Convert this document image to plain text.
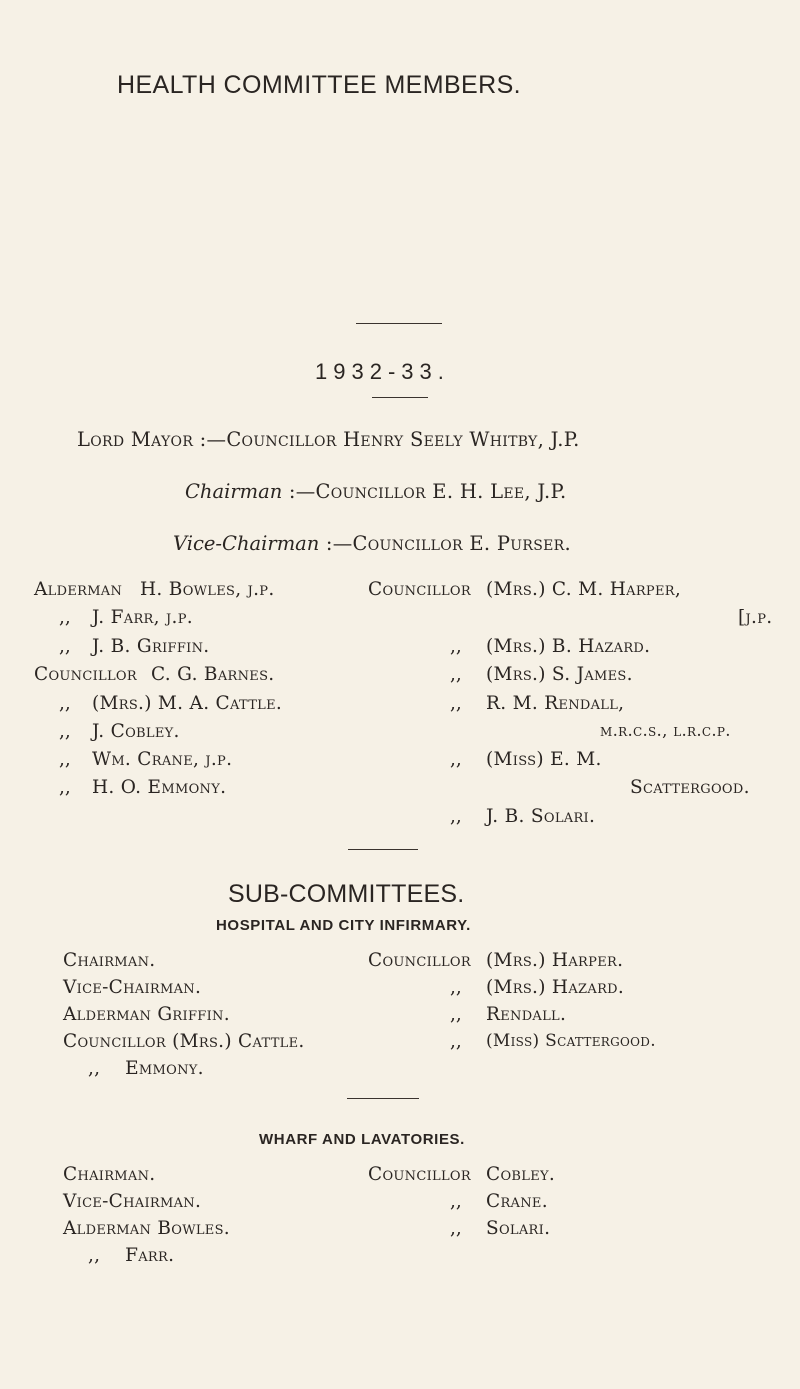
HEALTH COMMITTEE MEMBERS.
1932-33.
Lord Mayor :—Councillor Henry Seely Whitby, J.P.
Chairman :—Councillor E. H. Lee, J.P.
Vice-Chairman :—Councillor E. Purser.
Alderman H. Bowles, j.p.
,, J. Farr, j.p.
,, J. B. Griffin.
Councillor C. G. Barnes.
,, (Mrs.) M. A. Cattle.
,, J. Cobley.
,, Wm. Crane, j.p.
,, H. O. Emmony.
Councillor (Mrs.) C. M. Harper,
[j.p.
,, (Mrs.) B. Hazard.
,, (Mrs.) S. James.
,, R. M. Rendall,
m.r.c.s., l.r.c.p.
,, (Miss) E. M.
Scattergood.
,, J. B. Solari.
SUB-COMMITTEES.
HOSPITAL AND CITY INFIRMARY.
Chairman.
Vice-Chairman.
Alderman Griffin.
Councillor (Mrs.) Cattle.
,,    Emmony.
Councillor (Mrs.) Harper.
,, (Mrs.) Hazard.
,, Rendall.
,, (Miss) Scattergood.
WHARF AND LAVATORIES.
Chairman.
Vice-Chairman.
Alderman Bowles.
,,    Farr.
Councillor Cobley.
,, Crane.
,, Solari.
